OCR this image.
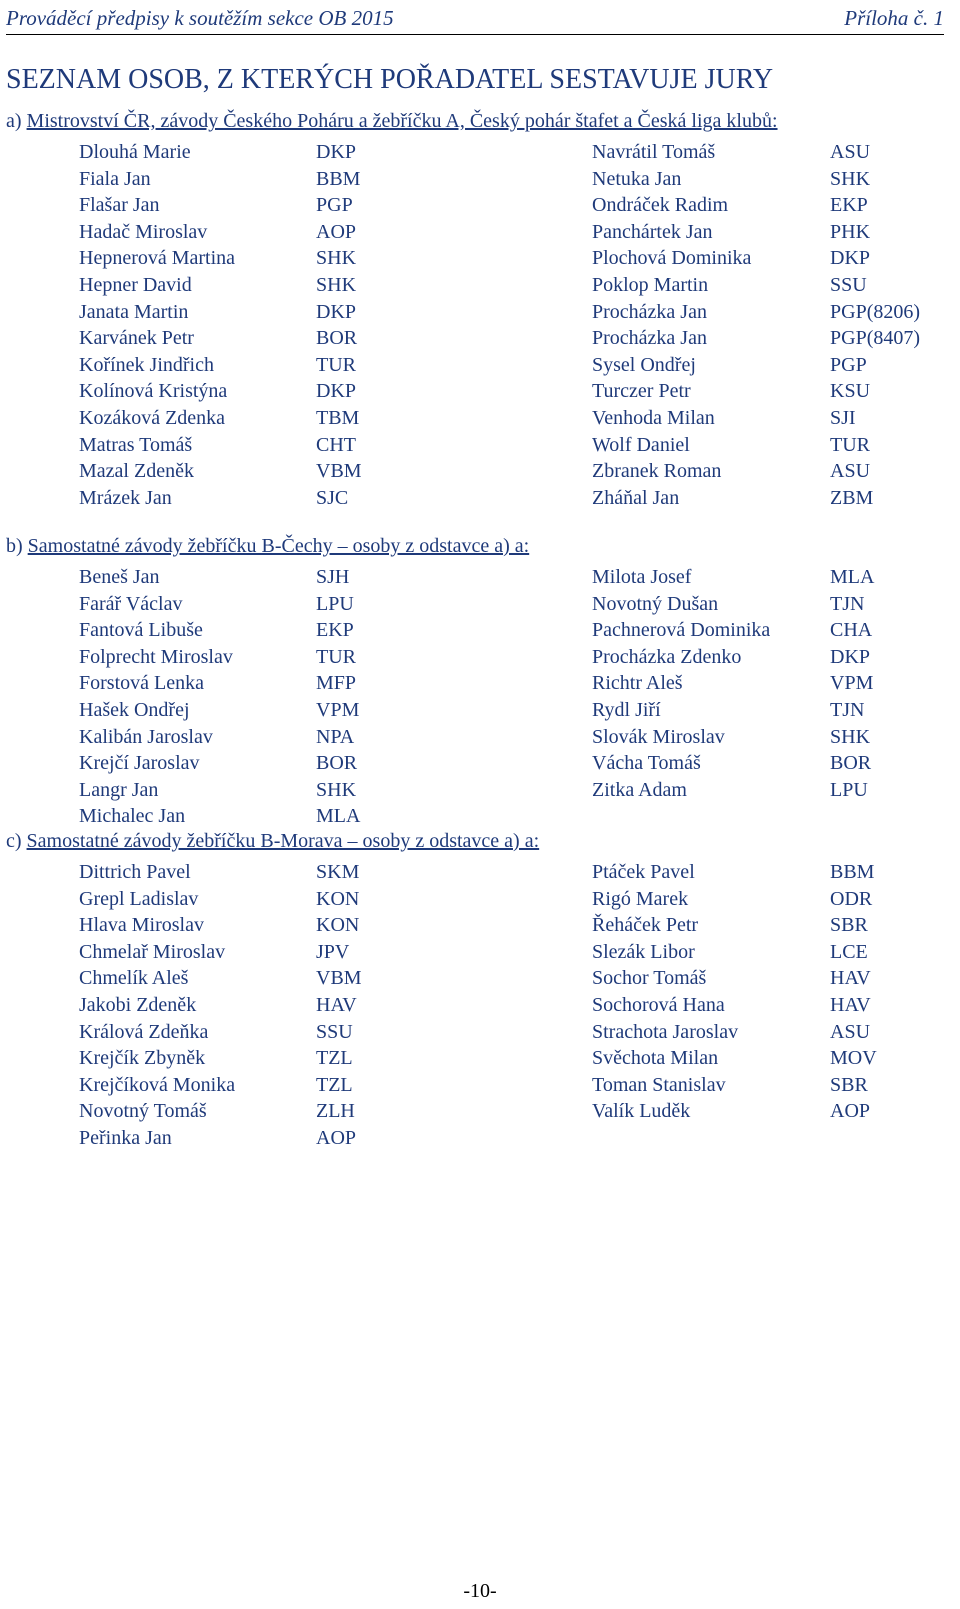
Prováděcí předpisy k soutěžím sekce OB 2015	Příloha č. 1
SEZNAM OSOB, Z KTERÝCH POŘADATEL SESTAVUJE JURY
a) Mistrovství ČR, závody Českého Poháru a žebříčku A, Český pohár štafet a Česká liga klubů:
Dlouhá Marie	DKP	Navrátil Tomáš	ASU
Fiala Jan	BBM	Netuka Jan	SHK
Flašar Jan	PGP	Ondráček Radim	EKP
Hadač Miroslav	AOP	Panchártek Jan	PHK
Hepnerová Martina	SHK	Plochová Dominika	DKP
Hepner David	SHK	Poklop Martin	SSU
Janata Martin	DKP	Procházka Jan	PGP(8206)
Karvánek Petr	BOR	Procházka Jan	PGP(8407)
Kořínek Jindřich	TUR	Sysel Ondřej	PGP
Kolínová Kristýna	DKP	Turczer Petr	KSU
Kozáková Zdenka	TBM	Venhoda Milan	SJI
Matras Tomáš	CHT	Wolf Daniel	TUR
Mazal Zdeněk	VBM	Zbranek Roman	ASU
Mrázek Jan	SJC	Zháňal Jan	ZBM
b) Samostatné závody žebříčku B-Čechy – osoby z odstavce a) a:
Beneš Jan	SJH	Milota Josef	MLA
Farář Václav	LPU	Novotný Dušan	TJN
Fantová Libuše	EKP	Pachnerová Dominika	CHA
Folprecht Miroslav	TUR	Procházka Zdenko	DKP
Forstová Lenka	MFP	Richtr Aleš	VPM
Hašek Ondřej	VPM	Rydl Jiří	TJN
Kalibán Jaroslav	NPA	Slovák Miroslav	SHK
Krejčí Jaroslav	BOR	Vácha Tomáš	BOR
Langr Jan	SHK	Zitka Adam	LPU
Michalec Jan	MLA
c) Samostatné závody žebříčku B-Morava – osoby z odstavce a) a:
Dittrich Pavel	SKM	Ptáček Pavel	BBM
Grepl Ladislav	KON	Rigó Marek	ODR
Hlava Miroslav	KON	Řeháček Petr	SBR
Chmelař Miroslav	JPV	Slezák Libor	LCE
Chmelík Aleš	VBM	Sochor Tomáš	HAV
Jakobi Zdeněk	HAV	Sochorová Hana	HAV
Králová Zdeňka	SSU	Strachota Jaroslav	ASU
Krejčík Zbyněk	TZL	Svěchota Milan	MOV
Krejčíková Monika	TZL	Toman Stanislav	SBR
Novotný Tomáš	ZLH	Valík Luděk	AOP
Peřinka Jan	AOP
-10-
